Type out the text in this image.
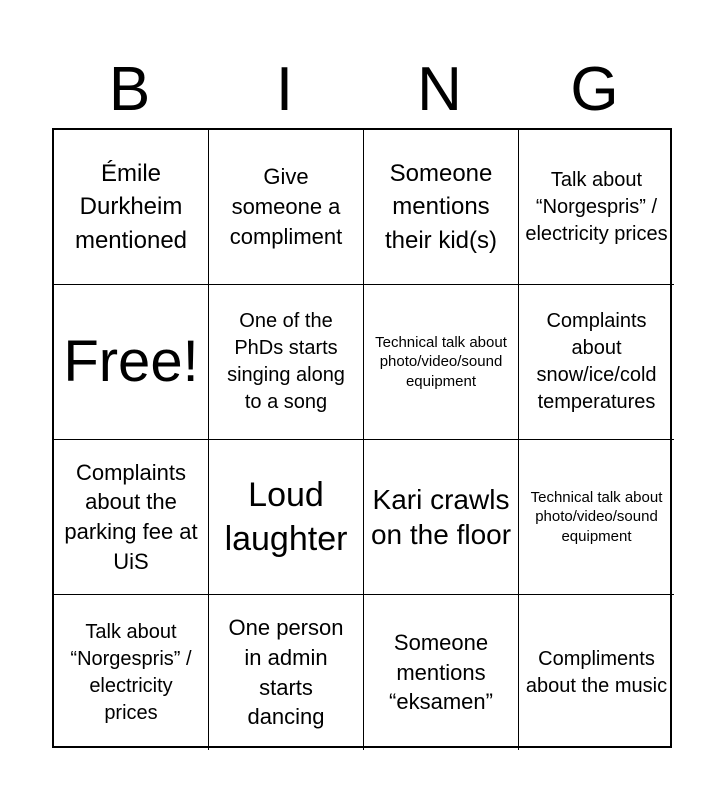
B	I	N	G
Émile Durkheim mentioned
Give someone a compliment
Someone mentions their kid(s)
Talk about “Norgespris” / electricity prices
Free!
One of the PhDs starts singing along to a song
Technical talk about photo/video/sound equipment
Complaints about snow/ice/cold temperatures
Complaints about the parking fee at UiS
Loud laughter
Kari crawls on the floor
Technical talk about photo/video/sound equipment
Talk about “Norgespris” / electricity prices
One person in admin starts dancing
Someone mentions “eksamen”
Compliments about the music
